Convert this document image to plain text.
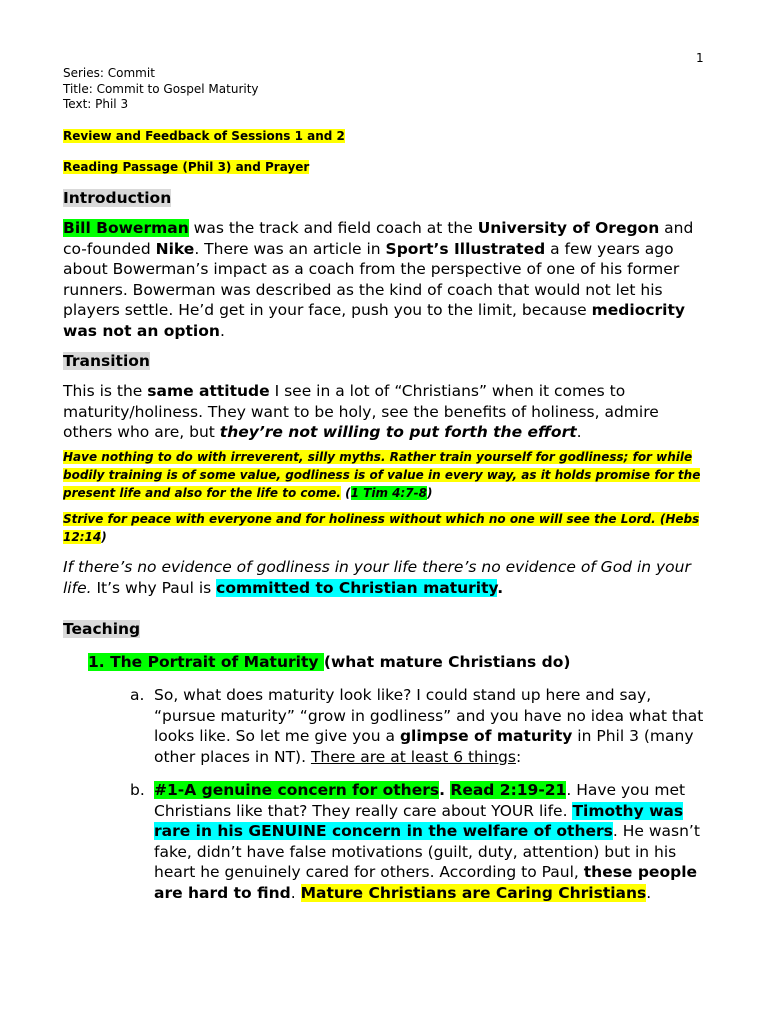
1
Series: Commit
Title: Commit to Gospel Maturity
Text: Phil 3
Review and Feedback of Sessions 1 and 2
Reading Passage (Phil 3) and Prayer
Introduction
Bill Bowerman was the track and field coach at the University of Oregon and co-founded Nike. There was an article in Sport’s Illustrated a few years ago about Bowerman’s impact as a coach from the perspective of one of his former runners. Bowerman was described as the kind of coach that would not let his players settle. He’d get in your face, push you to the limit, because mediocrity was not an option.
Transition
This is the same attitude I see in a lot of “Christians” when it comes to maturity/holiness. They want to be holy, see the benefits of holiness, admire others who are, but they’re not willing to put forth the effort.
Have nothing to do with irreverent, silly myths. Rather train yourself for godliness; for while bodily training is of some value, godliness is of value in every way, as it holds promise for the present life and also for the life to come. (1 Tim 4:7-8)
Strive for peace with everyone and for holiness without which no one will see the Lord. (Hebs 12:14)
If there’s no evidence of godliness in your life there’s no evidence of God in your life. It’s why Paul is committed to Christian maturity.
Teaching
1. The Portrait of Maturity (what mature Christians do)
a. So, what does maturity look like? I could stand up here and say, “pursue maturity” “grow in godliness” and you have no idea what that looks like. So let me give you a glimpse of maturity in Phil 3 (many other places in NT). There are at least 6 things:
b. #1-A genuine concern for others. Read 2:19-21. Have you met Christians like that? They really care about YOUR life. Timothy was rare in his GENUINE concern in the welfare of others. He wasn’t fake, didn’t have false motivations (guilt, duty, attention) but in his heart he genuinely cared for others. According to Paul, these people are hard to find. Mature Christians are Caring Christians.
